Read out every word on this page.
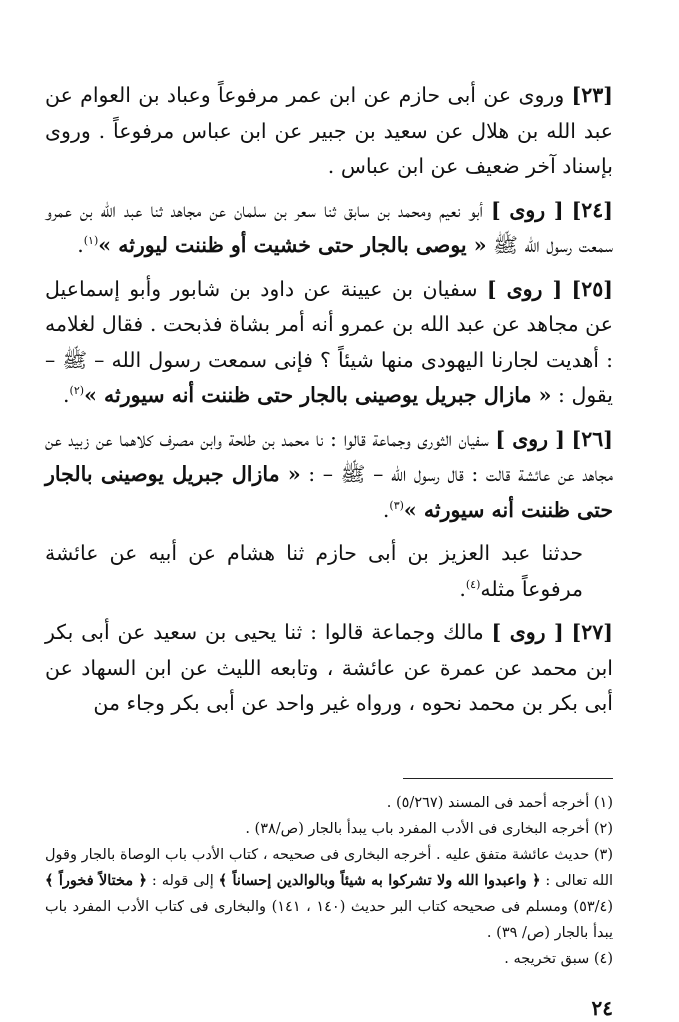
[٢٣] وروى عن أبى حازم عن ابن عمر مرفوعاً وعباد بن العوام عن عبد الله بن هلال عن سعيد بن جبير عن ابن عباس مرفوعاً . وروى بإسناد آخر ضعيف عن ابن عباس .

[٢٤] [ روى ] أبو نعيم ومحمد بن سابق ثنا سعر بن سلمان عن مجاهد ثنا عبد الله بن عمرو سمعت رسول الله ﷺ « يوصى بالجار حتى خشيت أو ظننت ليورثه »$^{(١)}$.

[٢٥] [ روى ] سفيان بن عيينة عن داود بن شابور وأبو إسماعيل عن مجاهد عن عبد الله بن عمرو أنه أمر بشاة فذبحت . فقال لغلامه : أهديت لجارنا اليهودى منها شيئاً ؟ فإنى سمعت رسول الله – ﷺ – يقول : « مازال جبريل يوصينى بالجار حتى ظننت أنه سيورثه »$^{(٢)}$.

[٢٦] [ روى ] سفيان الثورى وجماعة قالوا : نا محمد بن طلحة وابن مصرف كلاهما عن زبيد عن مجاهد عن عائشة قالت : قال رسول الله – ﷺ – : « مازال جبريل يوصينى بالجار حتى ظننت أنه سيورثه »$^{(٣)}$.

حدثنا عبد العزيز بن أبى حازم ثنا هشام عن أبيه عن عائشة مرفوعاً مثله$^{(٤)}$.

[٢٧] [ روى ] مالك وجماعة قالوا : ثنا يحيى بن سعيد عن أبى بكر ابن محمد عن عمرة عن عائشة ، وتابعه الليث عن ابن السهاد عن أبى بكر بن محمد نحوه ، ورواه غير واحد عن أبى بكر وجاء من

(١) أخرجه أحمد فى المسند (٥/٢٦٧) .

(٢) أخرجه البخارى فى الأدب المفرد باب يبدأ بالجار (ص/٣٨) .

(٣) حديث عائشة متفق عليه . أخرجه البخارى فى صحيحه ، كتاب الأدب باب الوصاة بالجار وقول الله تعالى : ﴿ واعبدوا الله ولا تشركوا به شيئاً وبالوالدين إحساناً ﴾ إلى قوله : ﴿ مختالاً فخوراً ﴾ (٥٣/٤) ومسلم فى صحيحه كتاب البر حديث (١٤٠ ، ١٤١) والبخارى فى كتاب الأدب المفرد باب يبدأ بالجار (ص/ ٣٩) .

(٤) سبق تخريجه .

٢٤
